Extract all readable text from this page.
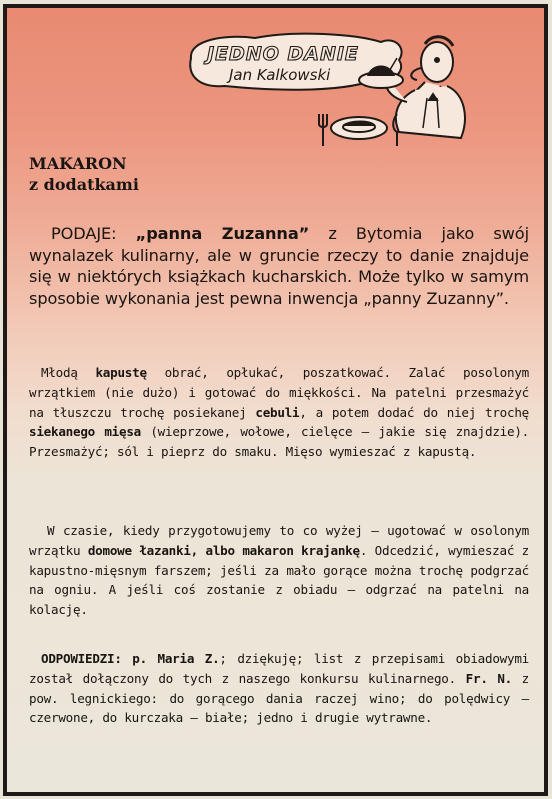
JEDNO DANIE
Jan Kalkowski
MAKARON
z dodatkami
PODAJE: „panna Zuzanna” z Bytomia jako swój wynalazek kulinarny, ale w gruncie rzeczy to danie znajduje się w niektórych książkach kucharskich. Może tylko w samym sposobie wykonania jest pewna inwencja „panny Zuzanny”.
Młodą kapustę obrać, opłukać, poszatkować. Zalać posolonym wrzątkiem (nie dużo) i gotować do miękkości. Na patelni przesmażyć na tłuszczu trochę posiekanej cebuli, a potem dodać do niej trochę siekanego mięsa (wieprzowe, wołowe, cielęce — jakie się znajdzie). Przesmażyć; sól i pieprz do smaku. Mięso wymieszać z kapustą.
W czasie, kiedy przygotowujemy to co wyżej — ugotować w osolonym wrzątku domowe łazanki, albo makaron krajankę. Odcedzić, wymieszać z kapustno-mięsnym farszem; jeśli za mało gorące można trochę podgrzać na ogniu. A jeśli coś zostanie z obiadu — odgrzać na patelni na kolację.
ODPOWIEDZI: p. Maria Z.; dziękuję; list z przepisami obiadowymi został dołączony do tych z naszego konkursu kulinarnego. Fr. N. z pow. legnickiego: do gorącego dania raczej wino; do polędwicy — czerwone, do kurczaka — białe; jedno i drugie wytrawne.
